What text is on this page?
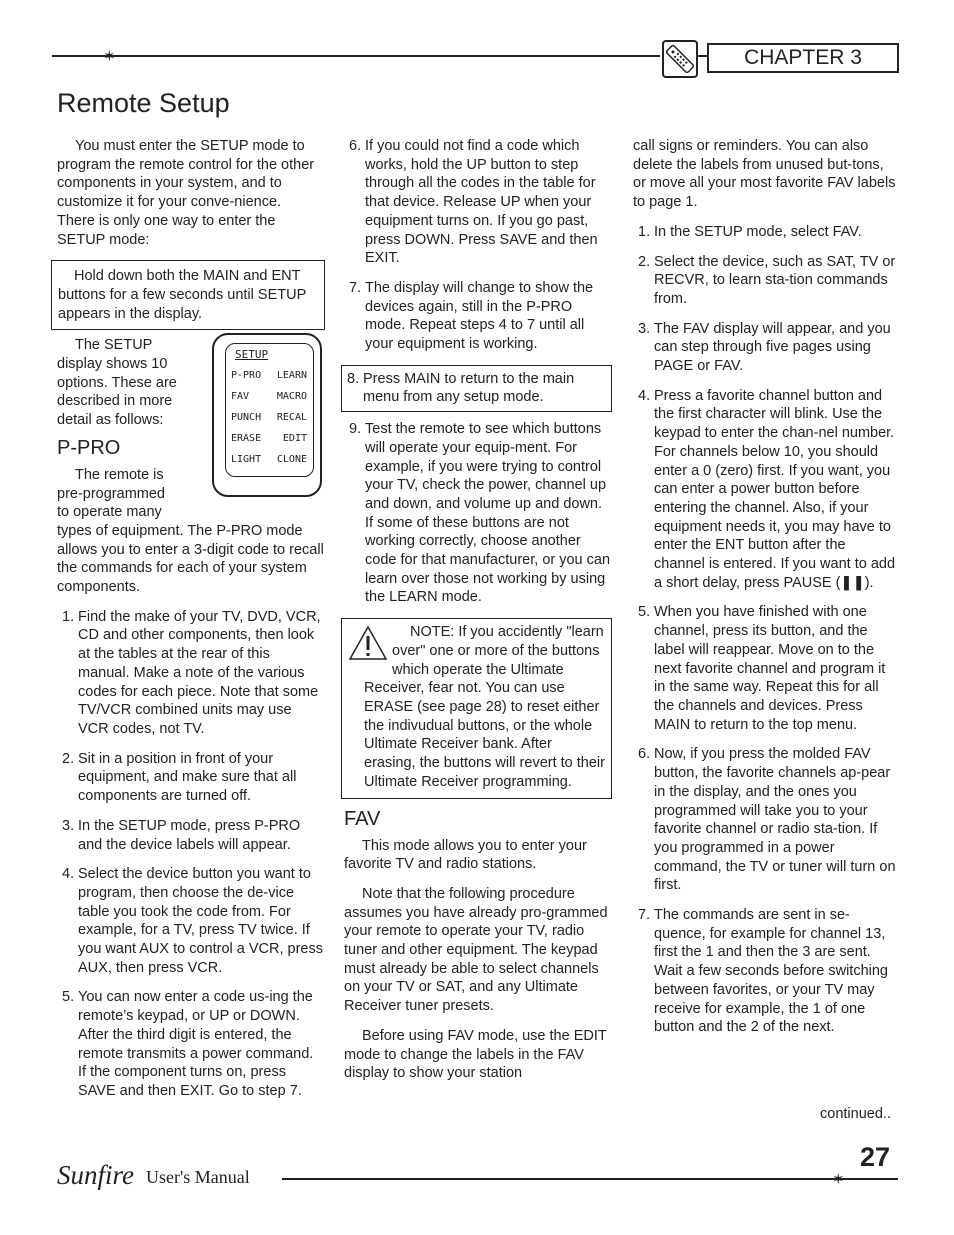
✶	CHAPTER 3
Remote Setup

You must enter the SETUP mode to program the remote control for the other components in your system, and to customize it for your conve-nience. There is only one way to enter the SETUP mode:

Hold down both the MAIN and ENT buttons for a few seconds until SETUP appears in the display.

The SETUP display shows 10 options. These are described in more detail as follows:

P-PRO

The remote is pre-programmed to operate many types of equipment. The P-PRO mode allows you to enter a 3-digit code to recall the commands for each of your system components.

1. Find the make of your TV, DVD, VCR, CD and other components, then look at the tables at the rear of this manual. Make a note of the various codes for each piece. Note that some TV/VCR combined units may use VCR codes, not TV.
2. Sit in a position in front of your equipment, and make sure that all components are turned off.
3. In the SETUP mode, press P-PRO and the device labels will appear.
4. Select the device button you want to program, then choose the de-vice table you took the code from. For example, for a TV, press TV twice. If you want AUX to control a VCR, press AUX, then press VCR.
5. You can now enter a code us-ing the remote’s keypad, or UP or DOWN. After the third digit is entered, the remote transmits a power command. If the component turns on, press SAVE and then EXIT. Go to step 7.
SETUP
P-PRO LEARN
FAV	MACRO
PUNCH RECAL
ERASE EDIT
LIGHT CLONE
6. If you could not find a code which works, hold the UP button to step through all the codes in the table for that device. Release UP when your equipment turns on. If you go past, press DOWN. Press SAVE and then EXIT.
7. The display will change to show the devices again, still in the P-PRO mode. Repeat steps 4 to 7 until all your equipment is working.
8. Press MAIN to return to the main menu from any setup mode.
9. Test the remote to see which buttons will operate your equip-ment. For example, if you were trying to control your TV, check the power, channel up and down, and volume up and down. If some of these buttons are not working correctly, choose another code for that manufacturer, or you can learn over those not working by using the LEARN mode.

NOTE: If you accidently "learn over" one or more of the buttons which operate the Ultimate Receiver, fear not. You can use ERASE (see page 28) to reset either the indivudual buttons, or the whole Ultimate Receiver bank. After erasing, the buttons will revert to their Ultimate Receiver programming.

FAV

This mode allows you to enter your favorite TV and radio stations.

Note that the following procedure assumes you have already pro-grammed your remote to operate your TV, radio tuner and other equipment. The keypad must already be able to select channels on your TV or SAT, and any Ultimate Receiver tuner presets.

Before using FAV mode, use the EDIT mode to change the labels in the FAV display to show your station

call signs or reminders. You can also delete the labels from unused but-tons, or move all your most favorite FAV labels to page 1.

1. In the SETUP mode, select FAV.
2. Select the device, such as SAT, TV or RECVR, to learn sta-tion commands from.
3. The FAV display will appear, and you can step through five pages using PAGE or FAV.
4. Press a favorite channel button and the first character will blink. Use the keypad to enter the chan-nel number. For channels below 10, you should enter a 0 (zero) first. If you want, you can enter a power button before entering the channel. Also, if your equipment needs it, you may have to enter the ENT button after the channel is entered. If you want to add a short delay, press PAUSE (❚❚).
5. When you have finished with one channel, press its button, and the label will reappear. Move on to the next favorite channel and program it in the same way. Repeat this for all the channels and devices. Press MAIN to return to the top menu.
6. Now, if you press the molded FAV button, the favorite channels ap-pear in the display, and the ones you programmed will take you to your favorite channel or radio sta-tion. If you programmed in a power command, the TV or tuner will turn on first.
7. The commands are sent in se-quence, for example for channel 13, first the 1 and then the 3 are sent. Wait a few seconds before switching between favorites, or your TV may receive for example, the 1 of one button and the 2 of the next.
continued..
Sunfire User's Manual	✶
27
